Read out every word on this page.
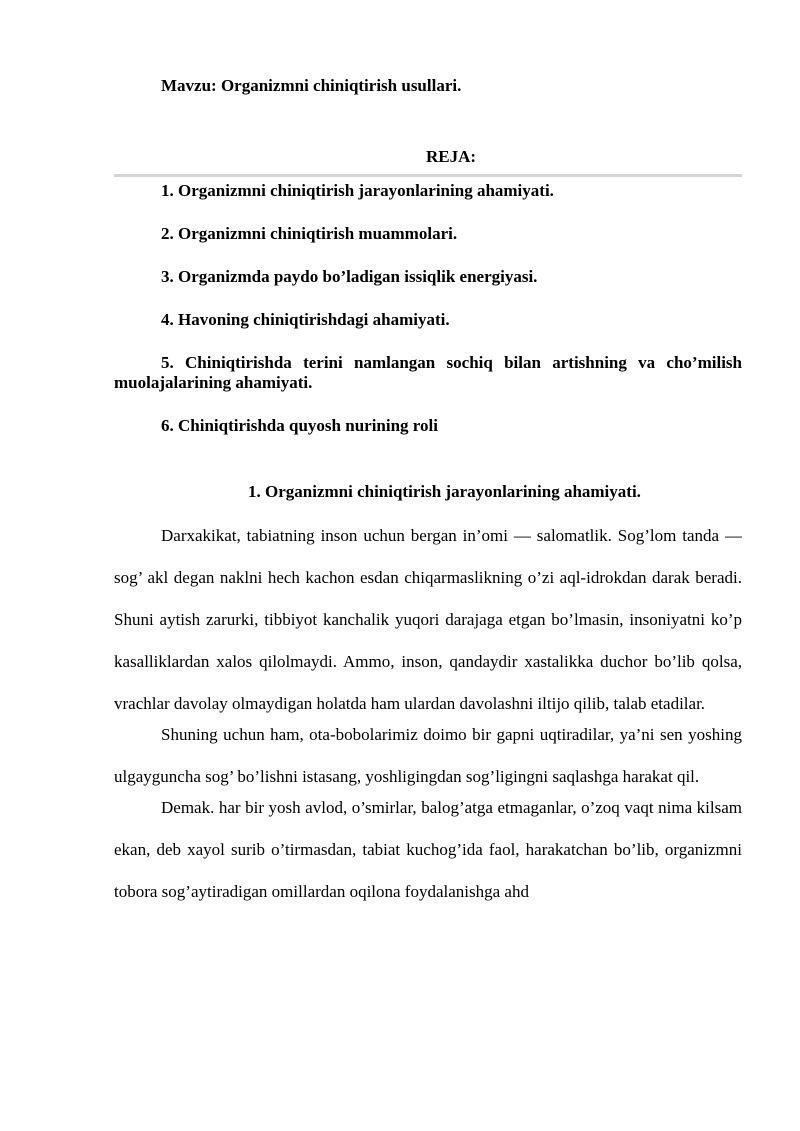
Mavzu: Organizmni chiniqtirish usullari.
REJA:

1. Organizmni chiniqtirish jarayonlarining ahamiyati.

2. Organizmni chiniqtirish muammolari.

3. Organizmda paydo bo’ladigan issiqlik energiyasi.

4. Havoning chiniqtirishdagi ahamiyati.

5. Chiniqtirishda terini namlangan sochiq bilan artishning va cho’milish muolajalarining ahamiyati.

6. Chiniqtirishda quyosh nurining roli

1. Organizmni chiniqtirish jarayonlarining ahamiyati.

Darxakikat, tabiatning inson uchun bergan in’omi — salomatlik. Sog’lom tanda —sog’ akl degan naklni hech kachon esdan chiqarmaslikning o’zi aql-idrokdan darak beradi. Shuni aytish zarurki, tibbiyot kanchalik yuqori darajaga etgan bo’lmasin, insoniyatni ko’p kasalliklardan xalos qilolmaydi. Ammo, inson, qandaydir xastalikka duchor bo’lib qolsa, vrachlar davolay olmaydigan holatda ham ulardan davolashni iltijo qilib, talab etadilar.

Shuning uchun ham, ota-bobolarimiz doimo bir gapni uqtiradilar, ya’ni sen yoshing ulgayguncha sog’ bo’lishni istasang, yoshligingdan sog’ligingni saqlashga harakat qil.

Demak. har bir yosh avlod, o’smirlar, balog’atga etmaganlar, o’zoq vaqt nima kilsam ekan, deb xayol surib o’tirmasdan, tabiat kuchog’ida faol, harakatchan bo’lib, organizmni tobora sog’aytiradigan omillardan oqilona foydalanishga ahd
